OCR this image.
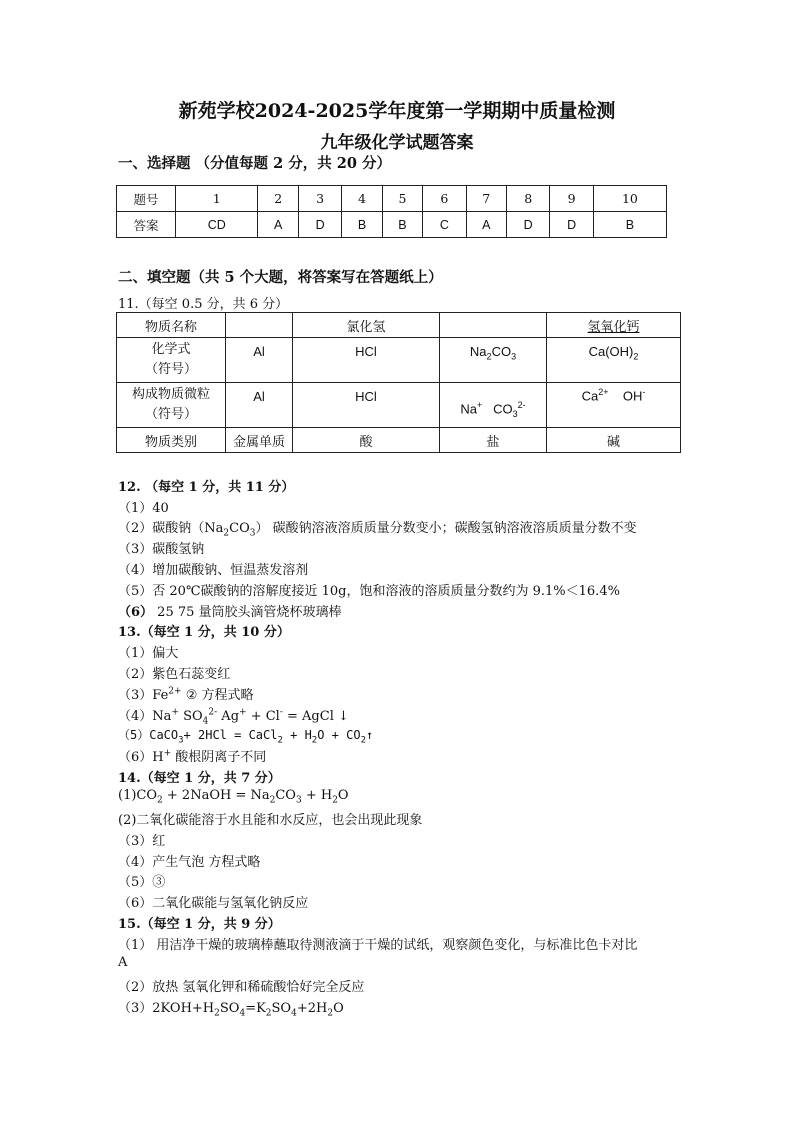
新苑学校2024-2025学年度第一学期期中质量检测
九年级化学试题答案
一、选择题 （分值每题 2 分，共 20 分）
题号	1	2	3	4	5	6	7	8	9	10
答案	CD	A	D	B	B	C	A	D	D	B
二、填空题（共 5 个大题，将答案写在答题纸上）
11.（每空 0.5 分，共 6 分）
物质名称		氯化氢		氢氧化钙
化学式
（符号）	Al	HCl	$Na_2CO_3$	$Ca(OH)_2$
构成物质微粒
（符号）	Al	HCl	Na+ $CO_3^{2-}$	$Ca^{2+}$ OH-
物质类别	金属单质	酸	盐	碱
12. （每空 1 分，共 11 分）
（1）40
（2）碳酸钠$(Na_2CO_3)$ 碳酸钠溶液溶质质量分数变小；碳酸氢钠溶液溶质质量分数不变
（3）碳酸氢钠
（4）增加碳酸钠、恒温蒸发溶剂
（5）否 20℃碳酸钠的溶解度接近 10g，饱和溶液的溶质质量分数约为 9.1%＜16.4%
（6） 25 75 量筒胶头滴管烧杯玻璃棒
13.（每空 1 分，共 10 分）
（1）偏大
（2）紫色石蕊变红
$(3)Fe^{2+}$ ② 方程式略
（4）Na+ $SO_4^{2-}$ Ag+ + Cl- = AgCl ↓
（5）CaCO$_3$+ 2HCl = CaCl$_2$ + $H_2O$ + $CO_2↑$
（6）H+ 酸根阴离子不同
14.（每空 1 分，共 7 分）
$(1)CO_2$ + 2NaOH = $Na_2CO_3 + H_2O$
(2)二氧化碳能溶于水且能和水反应，也会出现此现象
（3）红
（4）产生气泡 方程式略
（5）③
（6）二氧化碳能与氢氧化钠反应
15.（每空 1 分，共 9 分）
（1） 用洁净干燥的玻璃棒蘸取待测液滴于干燥的试纸，观察颜色变化，与标准比色卡对比
A
（2）放热 氢氧化钾和稀硫酸恰好完全反应
$(3)2KOH+H_2SO_4=K_2SO_4+2H_2O$
